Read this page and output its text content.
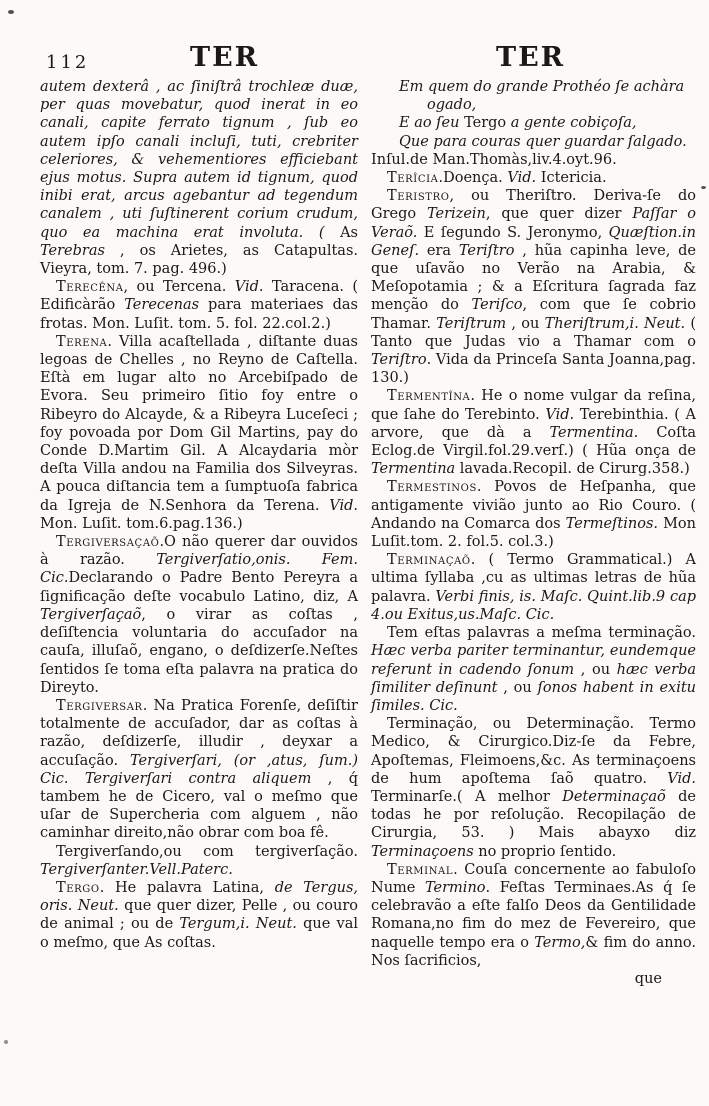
112	TER	TER

autem dexterâ , ac ſiniſtrâ trochleæ duæ, per quas movebatur, quod inerat in eo canali, capite ferrato tignum , ſub eo autem ipſo canali incluſi, tuti, crebriter celeriores, & vehementiores efficiebant ejus motus. Supra autem id tignum, quod inibi erat, arcus agebantur ad tegendum canalem , uti ſuſtinerent corium crudum, quo ea machina erat involuta. ( As Terebras , os Arietes, as Catapultas. Vieyra, tom. 7. pag. 496.)

Terecêna, ou Tercena. Vid. Taracena. ( Edificàrão Terecenas para materiaes das frotas. Mon. Luſit. tom. 5. fol. 22.col.2.)

Terena. Villa acaſtellada , diſtante duas legoas de Chelles , no Reyno de Caſtella. Eſtà em lugar alto no Arcebiſpado de Evora. Seu primeiro ſitio foy entre o Ribeyro do Alcayde, & a Ribeyra Luceſeci ; foy povoada por Dom Gil Martins, pay do Conde D.Martim Gil. A Alcaydaria mòr deſta Villa andou na Familia dos Silveyras. A pouca diſtancia tem a ſumptuoſa fabrica da Igreja de N.Senhora da Terena. Vid. Mon. Luſit. tom.6.pag.136.)

Tergiversaçaõ.O não querer dar ouvidos à razão. Tergiverſatio,onis. Fem. Cic.Declarando o Padre Bento Pereyra a ſignificação deſte vocabulo Latino, diz, A Tergiverſaçaõ, o virar as coſtas , deſiſtencia voluntaria do accuſador na cauſa, illuſaõ, engano, o deſdizerſe.Neſtes ſentidos ſe toma eſta palavra na pratica do Direyto.

Tergiversar. Na Pratica Forenſe, deſiſtir totalmente de accuſador, dar as coſtas à razão, deſdizerſe, illudir , deyxar a accuſação. Tergiverſari, (or ,atus, ſum.) Cic. Tergiverſari contra aliquem , q́ tambem he de Cicero, val o meſmo que uſar de Supercheria com alguem , não caminhar direito,não obrar com boa fê.

Tergiverſando,ou com tergiverſação. Tergiverſanter.Vell.Paterc.

Tergo. He palavra Latina, de Tergus, oris. Neut. que quer dizer, Pelle , ou couro de animal ; ou de Tergum,i. Neut. que val o meſmo, que As coſtas.

Em quem do grande Prothéo ſe achàra
ogado,
E ao ſeu Tergo a gente cobiçoſa,
Que para couras quer guardar ſalgado.
Inſul.de Man.Thomàs,liv.4.oyt.96.

Terîcia.Doença. Vid. Ictericia.

Teristro, ou Theriſtro. Deriva-ſe do Grego Terizein, que quer dizer Paſſar o Veraõ. E ſegundo S. Jeronymo, Quæſtion.in Geneſ. era Teriſtro , hũa capinha leve, de que uſavão no Verão na Arabia, & Meſopotamia ; & a Eſcritura ſagrada faz menção do Teriſco, com que ſe cobrio Thamar. Teriſtrum , ou Theriſtrum,i. Neut. ( Tanto que Judas vio a Thamar com o Teriſtro. Vida da Princeſa Santa Joanna,pag. 130.)

Termentîna. He o nome vulgar da reſina, que ſahe do Terebinto. Vid. Terebinthia. ( A arvore, que dà a Termentina. Coſta Eclog.de Virgil.fol.29.verſ.) ( Hũa onça de Termentina lavada.Recopil. de Cirurg.358.)

Termestinos. Povos de Heſpanha, que antigamente vivião junto ao Rio Couro. ( Andando na Comarca dos Termeſtinos. Mon Luſit.tom. 2. fol.5. col.3.)

Terminaçaõ. ( Termo Grammatical.) A ultima ſyllaba ,cu as ultimas letras de hũa palavra. Verbi finis, is. Maſc. Quint.lib.9 cap 4.ou Exitus,us.Maſc. Cic.

Tem eſtas palavras a meſma terminação. Hæc verba pariter terminantur, eundemque referunt in cadendo ſonum , ou hæc verba ſimiliter deſinunt , ou ſonos habent in exitu ſimiles. Cic.

Terminação, ou Determinação. Termo Medico, & Cirurgico.Diz-ſe da Febre, Apoſtemas, Fleimoens,&c. As terminaçoens de hum apoſtema ſaõ quatro. Vid. Terminarſe.( A melhor Determinaçaõ de todas he por reſolução. Recopilação de Cirurgia, 53. ) Mais abayxo diz Terminaçoens no proprio ſentido.

Terminal. Couſa concernente ao fabuloſo Nume Termino. Feſtas Terminaes.As q́ ſe celebravão a eſte falſo Deos da Gentilidade Romana,no fim do mez de Fevereiro, que naquelle tempo era o Termo,& fim do anno. Nos ſacrificios,

que
